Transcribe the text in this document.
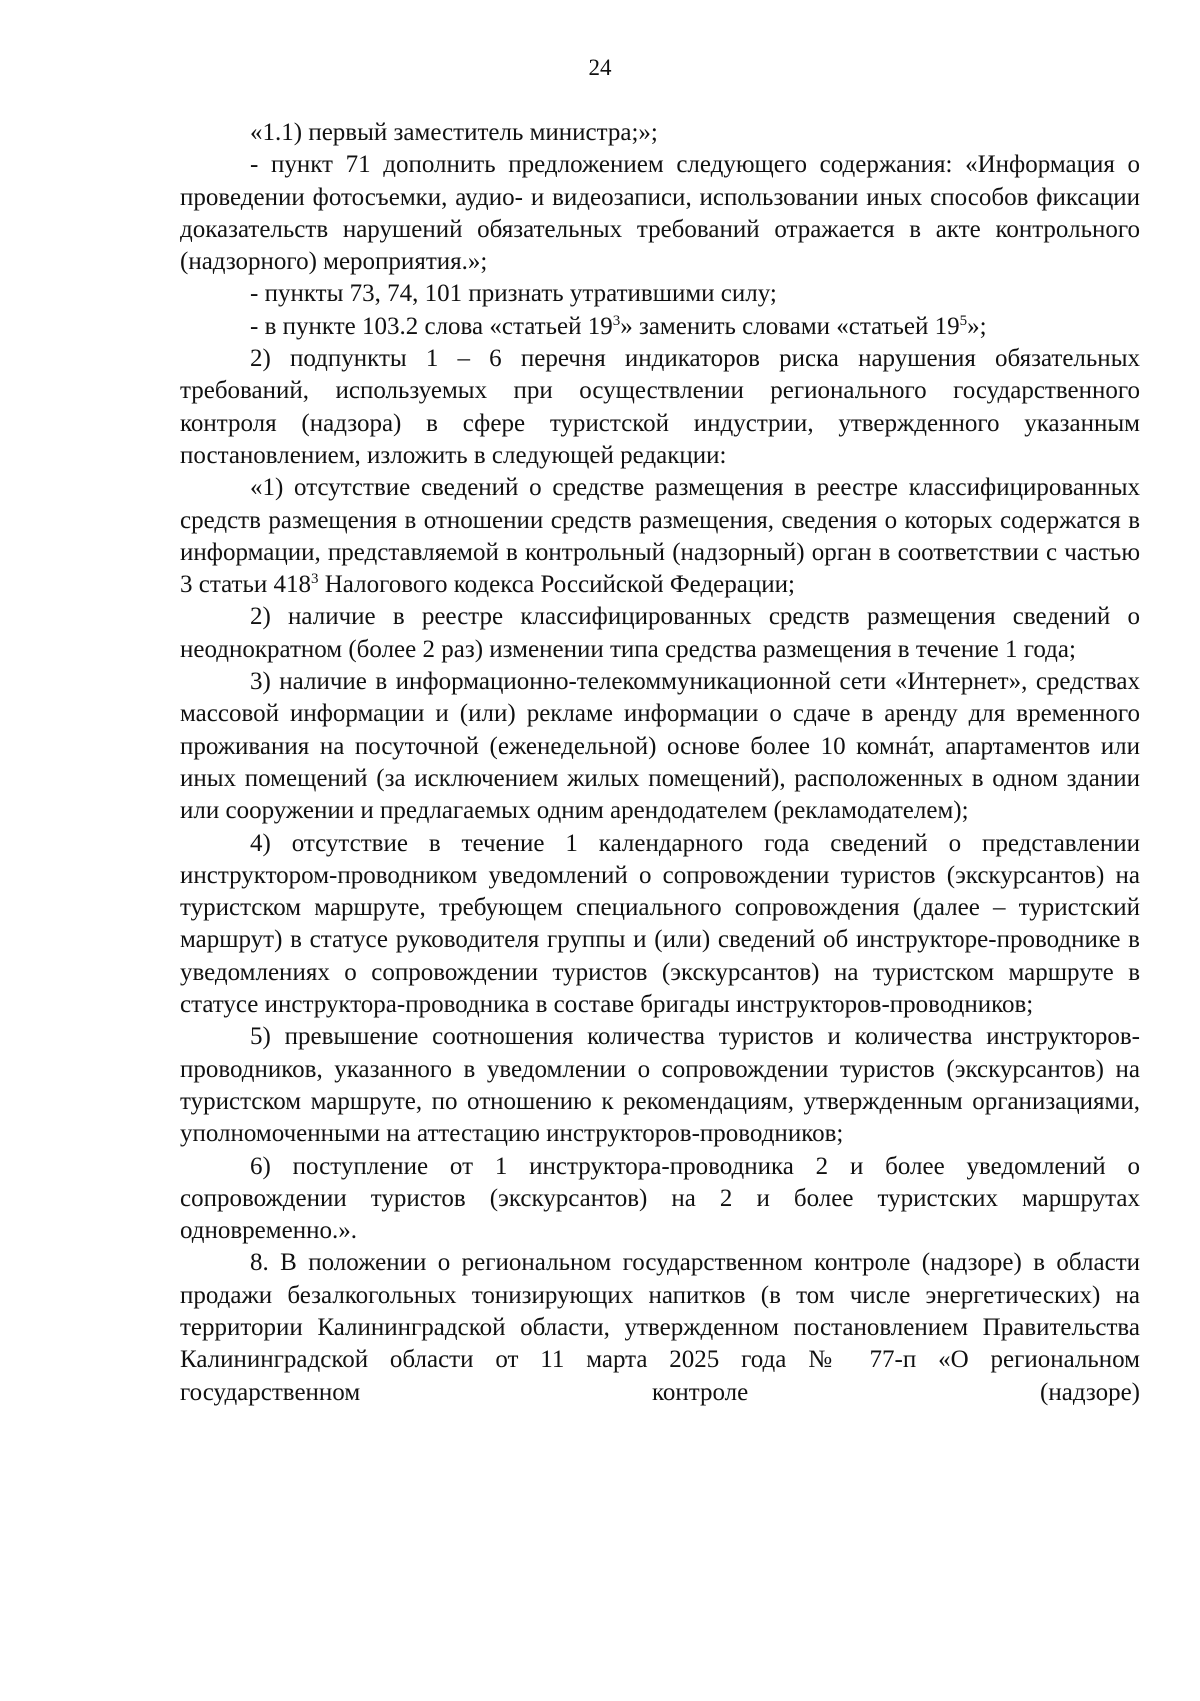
24

«1.1) первый заместитель министра;»;

- пункт 71 дополнить предложением следующего содержания: «Информация о проведении фотосъемки, аудио- и видеозаписи, использовании иных способов фиксации доказательств нарушений обязательных требований отражается в акте контрольного (надзорного) мероприятия.»;

- пункты 73, 74, 101 признать утратившими силу;

- в пункте 103.2 слова «статьей $19^3$» заменить словами «статьей $19^5$»;

2) подпункты 1 – 6 перечня индикаторов риска нарушения обязательных требований, используемых при осуществлении регионального государственного контроля (надзора) в сфере туристской индустрии, утвержденного указанным постановлением, изложить в следующей редакции:

«1) отсутствие сведений о средстве размещения в реестре классифицированных средств размещения в отношении средств размещения, сведения о которых содержатся в информации, представляемой в контрольный (надзорный) орган в соответствии с частью 3 статьи $418^3$ Налогового кодекса Российской Федерации;

2) наличие в реестре классифицированных средств размещения сведений о неоднократном (более 2 раз) изменении типа средства размещения в течение 1 года;

3) наличие в информационно-телекоммуникационной сети «Интернет», средствах массовой информации и (или) рекламе информации о сдаче в аренду для временного проживания на посуточной (еженедельной) основе более 10 комнáт, апартаментов или иных помещений (за исключением жилых помещений), расположенных в одном здании или сооружении и предлагаемых одним арендодателем (рекламодателем);

4) отсутствие в течение 1 календарного года сведений о представлении инструктором-проводником уведомлений о сопровождении туристов (экскурсантов) на туристском маршруте, требующем специального сопровождения (далее – туристский маршрут) в статусе руководителя группы и (или) сведений об инструкторе-проводнике в уведомлениях о сопровождении туристов (экскурсантов) на туристском маршруте в статусе инструктора-проводника в составе бригады инструкторов-проводников;

5) превышение соотношения количества туристов и количества инструкторов-проводников, указанного в уведомлении о сопровождении туристов (экскурсантов) на туристском маршруте, по отношению к рекомендациям, утвержденным организациями, уполномоченными на аттестацию инструкторов-проводников;

6) поступление от 1 инструктора-проводника 2 и более уведомлений о сопровождении туристов (экскурсантов) на 2 и более туристских маршрутах одновременно.».

8. В положении о региональном государственном контроле (надзоре) в области продажи безалкогольных тонизирующих напитков (в том числе энергетических) на территории Калининградской области, утвержденном постановлением Правительства Калининградской области от 11 марта 2025 года № 77-п «О региональном государственном контроле (надзоре)
